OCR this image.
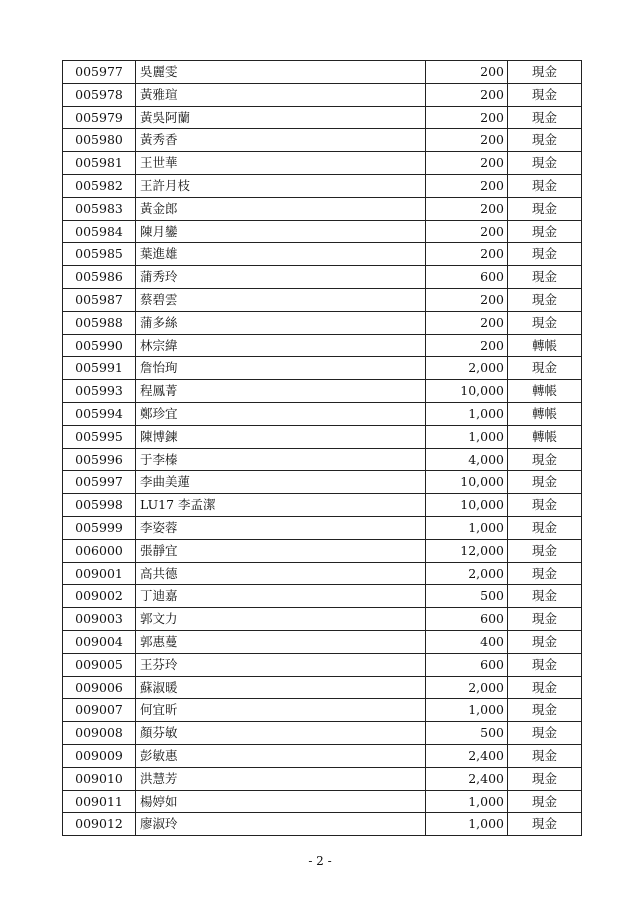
005977	吳麗雯	200	現金
005978	黃雅瑄	200	現金
005979	黃吳阿蘭	200	現金
005980	黃秀香	200	現金
005981	王世華	200	現金
005982	王許月枝	200	現金
005983	黃金郎	200	現金
005984	陳月鑾	200	現金
005985	葉進雄	200	現金
005986	蒲秀玲	600	現金
005987	蔡碧雲	200	現金
005988	蒲多絲	200	現金
005990	林宗緯	200	轉帳
005991	詹怡珣	2,000	現金
005993	程鳳菁	10,000	轉帳
005994	鄭珍宜	1,000	轉帳
005995	陳博鍊	1,000	轉帳
005996	于李榛	4,000	現金
005997	李曲美蓮	10,000	現金
005998	LU17 李孟潔	10,000	現金
005999	李姿蓉	1,000	現金
006000	張靜宜	12,000	現金
009001	高共德	2,000	現金
009002	丁迪嘉	500	現金
009003	郭文力	600	現金
009004	郭惠蔓	400	現金
009005	王芬玲	600	現金
009006	蘇淑暖	2,000	現金
009007	何宜昕	1,000	現金
009008	顏芬敏	500	現金
009009	彭敏惠	2,400	現金
009010	洪慧芳	2,400	現金
009011	楊婷如	1,000	現金
009012	廖淑玲	1,000	現金
- 2 -
